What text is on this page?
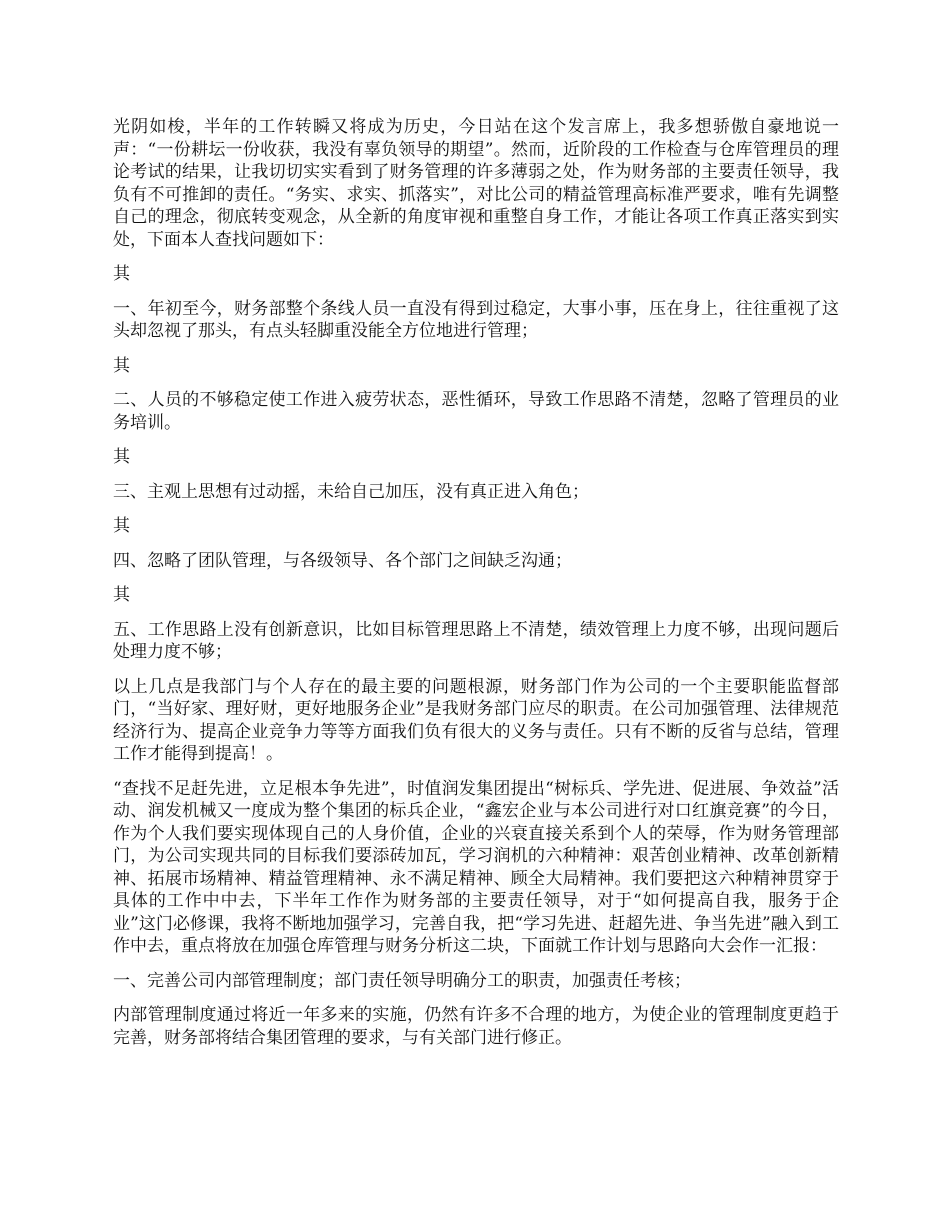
光阴如梭，半年的工作转瞬又将成为历史，今日站在这个发言席上，我多想骄傲自豪地说一声：“一份耕坛一份收获，我没有辜负领导的期望”。然而，近阶段的工作检查与仓库管理员的理论考试的结果，让我切切实实看到了财务管理的许多薄弱之处，作为财务部的主要责任领导，我负有不可推卸的责任。“务实、求实、抓落实”，对比公司的精益管理高标准严要求，唯有先调整自己的理念，彻底转变观念，从全新的角度审视和重整自身工作，才能让各项工作真正落实到实处，下面本人查找问题如下：

其

一、年初至今，财务部整个条线人员一直没有得到过稳定，大事小事，压在身上，往往重视了这头却忽视了那头，有点头轻脚重没能全方位地进行管理；

其

二、人员的不够稳定使工作进入疲劳状态，恶性循环，导致工作思路不清楚，忽略了管理员的业务培训。

其

三、主观上思想有过动摇，未给自己加压，没有真正进入角色；

其

四、忽略了团队管理，与各级领导、各个部门之间缺乏沟通；

其

五、工作思路上没有创新意识，比如目标管理思路上不清楚，绩效管理上力度不够，出现问题后处理力度不够；

以上几点是我部门与个人存在的最主要的问题根源，财务部门作为公司的一个主要职能监督部门，“当好家、理好财，更好地服务企业”是我财务部门应尽的职责。在公司加强管理、法律规范经济行为、提高企业竞争力等等方面我们负有很大的义务与责任。只有不断的反省与总结，管理工作才能得到提高！。

“查找不足赶先进，立足根本争先进”，时值润发集团提出“树标兵、学先进、促进展、争效益”活动、润发机械又一度成为整个集团的标兵企业，“鑫宏企业与本公司进行对口红旗竞赛”的今日，作为个人我们要实现体现自己的人身价值，企业的兴衰直接关系到个人的荣辱，作为财务管理部门，为公司实现共同的目标我们要添砖加瓦，学习润机的六种精神：艰苦创业精神、改革创新精神、拓展市场精神、精益管理精神、永不满足精神、顾全大局精神。我们要把这六种精神贯穿于具体的工作中中去，下半年工作作为财务部的主要责任领导，对于“如何提高自我，服务于企业”这门必修课，我将不断地加强学习，完善自我，把“学习先进、赶超先进、争当先进”融入到工作中去，重点将放在加强仓库管理与财务分析这二块，下面就工作计划与思路向大会作一汇报：

一、完善公司内部管理制度；部门责任领导明确分工的职责，加强责任考核；

内部管理制度通过将近一年多来的实施，仍然有许多不合理的地方，为使企业的管理制度更趋于完善，财务部将结合集团管理的要求，与有关部门进行修正。
